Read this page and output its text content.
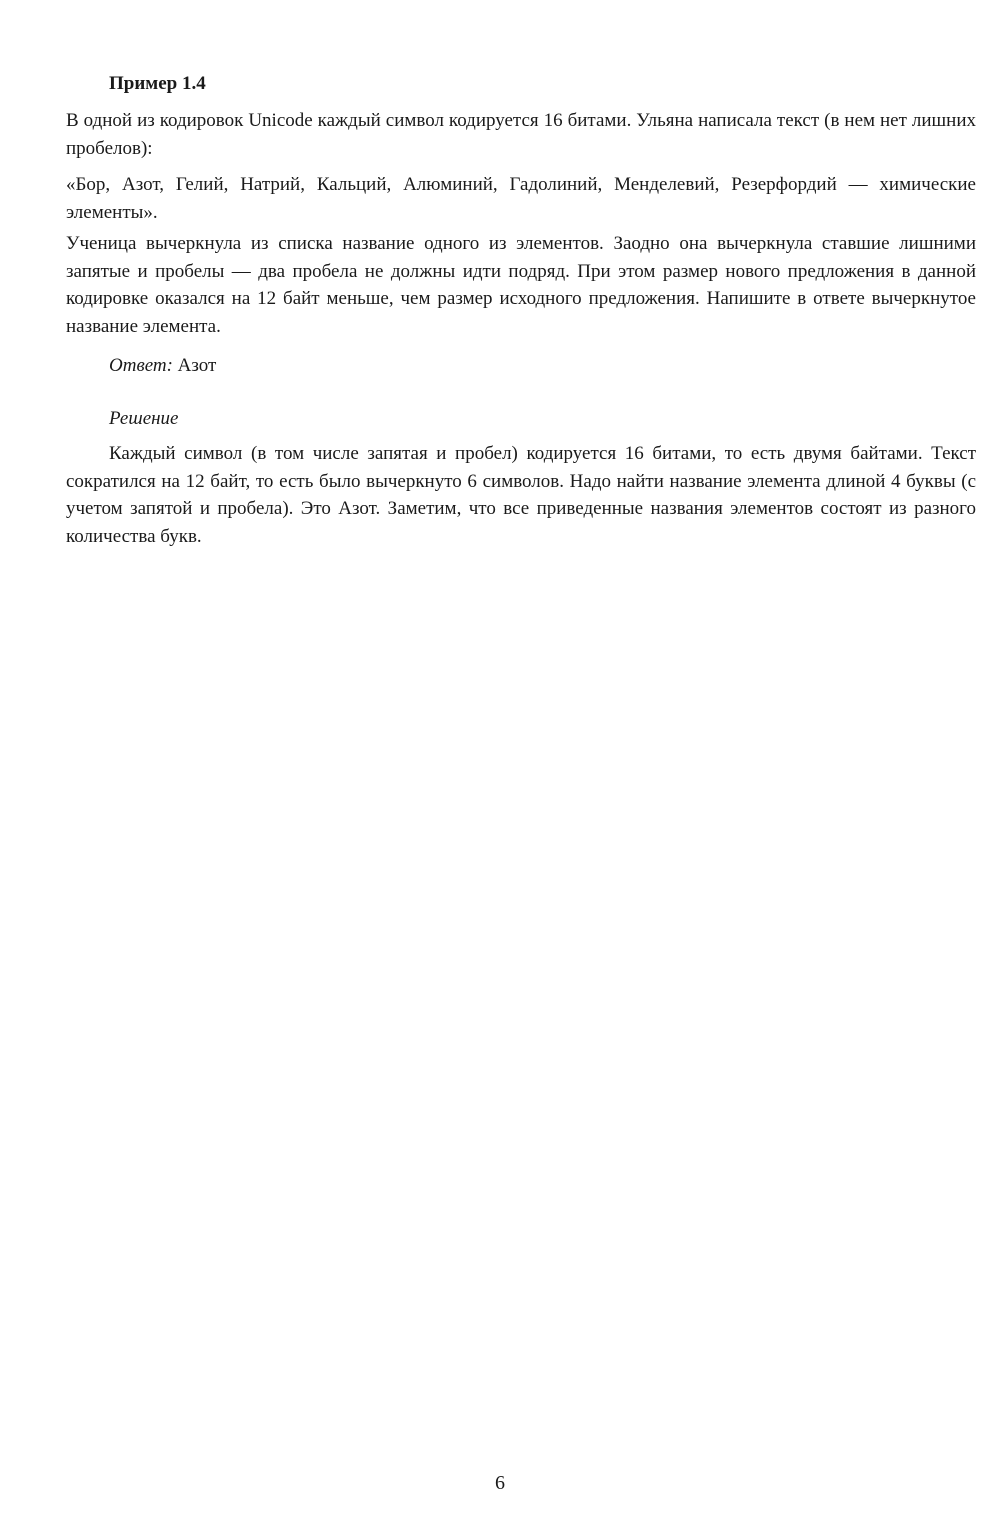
Пример 1.4

В одной из кодировок Unicode каждый символ кодируется 16 битами. Ульяна написала текст (в нем нет лишних пробелов):

«Бор, Азот, Гелий, Натрий, Кальций, Алюминий, Гадолиний, Менделевий, Резерфордий — химические элементы».

Ученица вычеркнула из списка название одного из элементов. Заодно она вычеркнула ставшие лишними запятые и пробелы — два пробела не должны идти подряд. При этом размер нового предложения в данной кодировке оказался на 12 байт меньше, чем размер исходного предложения. Напишите в ответе вычеркнутое название элемента.

Ответ: Азот
Решение

Каждый символ (в том числе запятая и пробел) кодируется 16 битами, то есть двумя байтами. Текст сократился на 12 байт, то есть было вычеркнуто 6 символов. Надо найти название элемента длиной 4 буквы (с учетом запятой и пробела). Это Азот. Заметим, что все приведенные названия элементов состоят из разного количества букв.

6
